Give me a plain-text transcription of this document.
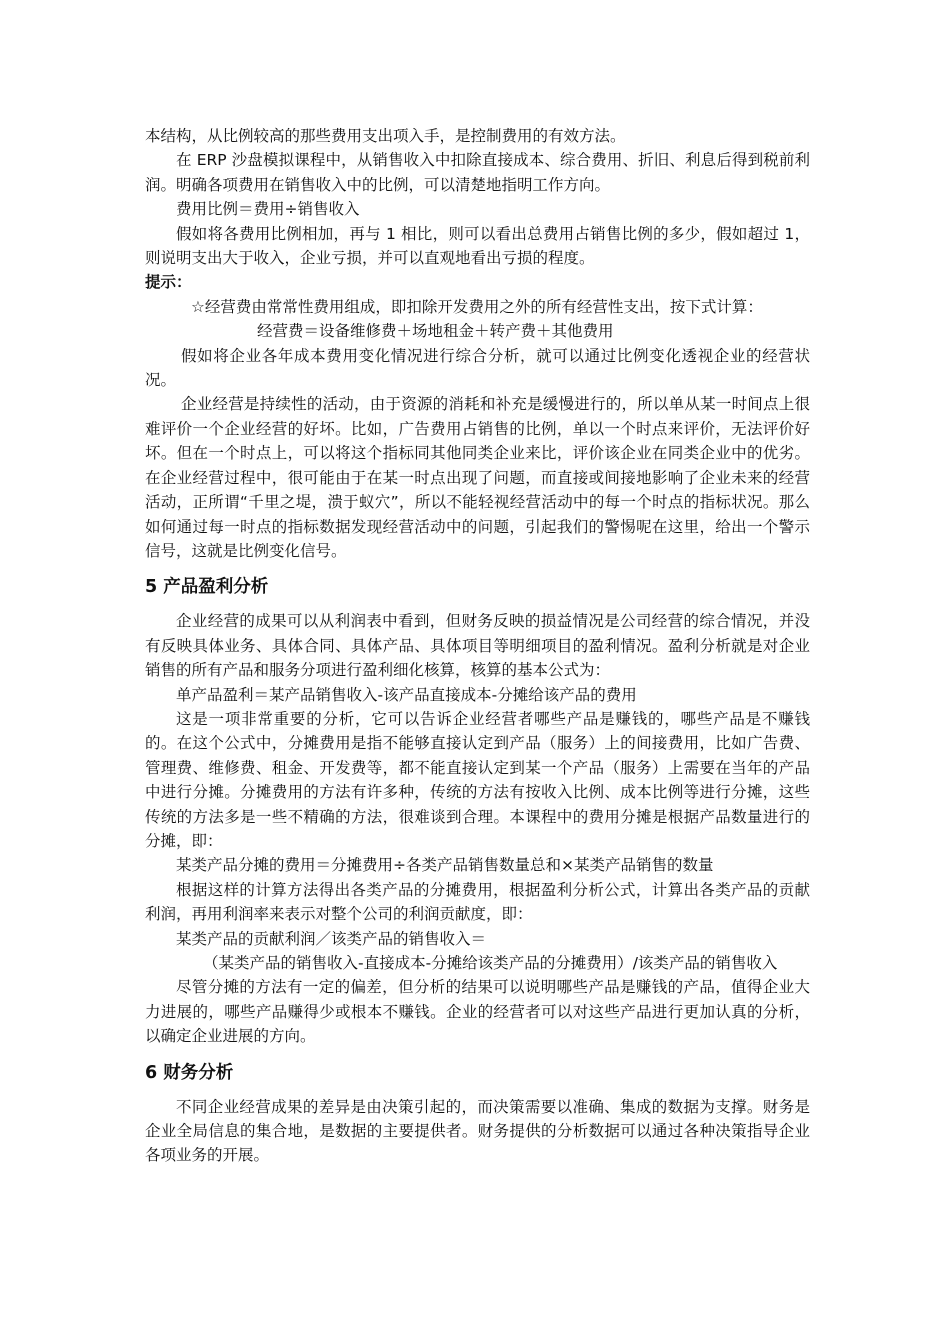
本结构，从比例较高的那些费用支出项入手，是控制费用的有效方法。

在 ERP 沙盘模拟课程中，从销售收入中扣除直接成本、综合费用、折旧、利息后得到税前利润。明确各项费用在销售收入中的比例，可以清楚地指明工作方向。

费用比例＝费用÷销售收入

假如将各费用比例相加，再与 1 相比，则可以看出总费用占销售比例的多少，假如超过 1，则说明支出大于收入，企业亏损，并可以直观地看出亏损的程度。

提示：

☆经营费由常常性费用组成，即扣除开发费用之外的所有经营性支出，按下式计算：

经营费＝设备维修费＋场地租金＋转产费＋其他费用

假如将企业各年成本费用变化情况进行综合分析，就可以通过比例变化透视企业的经营状况。

企业经营是持续性的活动，由于资源的消耗和补充是缓慢进行的，所以单从某一时间点上很难评价一个企业经营的好坏。比如，广告费用占销售的比例，单以一个时点来评价，无法评价好坏。但在一个时点上，可以将这个指标同其他同类企业来比，评价该企业在同类企业中的优劣。在企业经营过程中，很可能由于在某一时点出现了问题，而直接或间接地影响了企业未来的经营活动，正所谓“千里之堤，溃于蚁穴”，所以不能轻视经营活动中的每一个时点的指标状况。那么如何通过每一时点的指标数据发现经营活动中的问题，引起我们的警惕呢在这里，给出一个警示信号，这就是比例变化信号。

5 产品盈利分析

企业经营的成果可以从利润表中看到，但财务反映的损益情况是公司经营的综合情况，并没有反映具体业务、具体合同、具体产品、具体项目等明细项目的盈利情况。盈利分析就是对企业销售的所有产品和服务分项进行盈利细化核算，核算的基本公式为：

单产品盈利＝某产品销售收入-该产品直接成本-分摊给该产品的费用

这是一项非常重要的分析，它可以告诉企业经营者哪些产品是赚钱的，哪些产品是不赚钱的。在这个公式中，分摊费用是指不能够直接认定到产品（服务）上的间接费用，比如广告费、管理费、维修费、租金、开发费等，都不能直接认定到某一个产品（服务）上需要在当年的产品中进行分摊。分摊费用的方法有许多种，传统的方法有按收入比例、成本比例等进行分摊，这些传统的方法多是一些不精确的方法，很难谈到合理。本课程中的费用分摊是根据产品数量进行的分摊，即：

某类产品分摊的费用＝分摊费用÷各类产品销售数量总和×某类产品销售的数量

根据这样的计算方法得出各类产品的分摊费用，根据盈利分析公式，计算出各类产品的贡献利润，再用利润率来表示对整个公司的利润贡献度，即：

某类产品的贡献利润／该类产品的销售收入＝

（某类产品的销售收入-直接成本-分摊给该类产品的分摊费用）/该类产品的销售收入

尽管分摊的方法有一定的偏差，但分析的结果可以说明哪些产品是赚钱的产品，值得企业大力进展的，哪些产品赚得少或根本不赚钱。企业的经营者可以对这些产品进行更加认真的分析，以确定企业进展的方向。

6 财务分析

不同企业经营成果的差异是由决策引起的，而决策需要以准确、集成的数据为支撑。财务是企业全局信息的集合地，是数据的主要提供者。财务提供的分析数据可以通过各种决策指导企业各项业务的开展。
